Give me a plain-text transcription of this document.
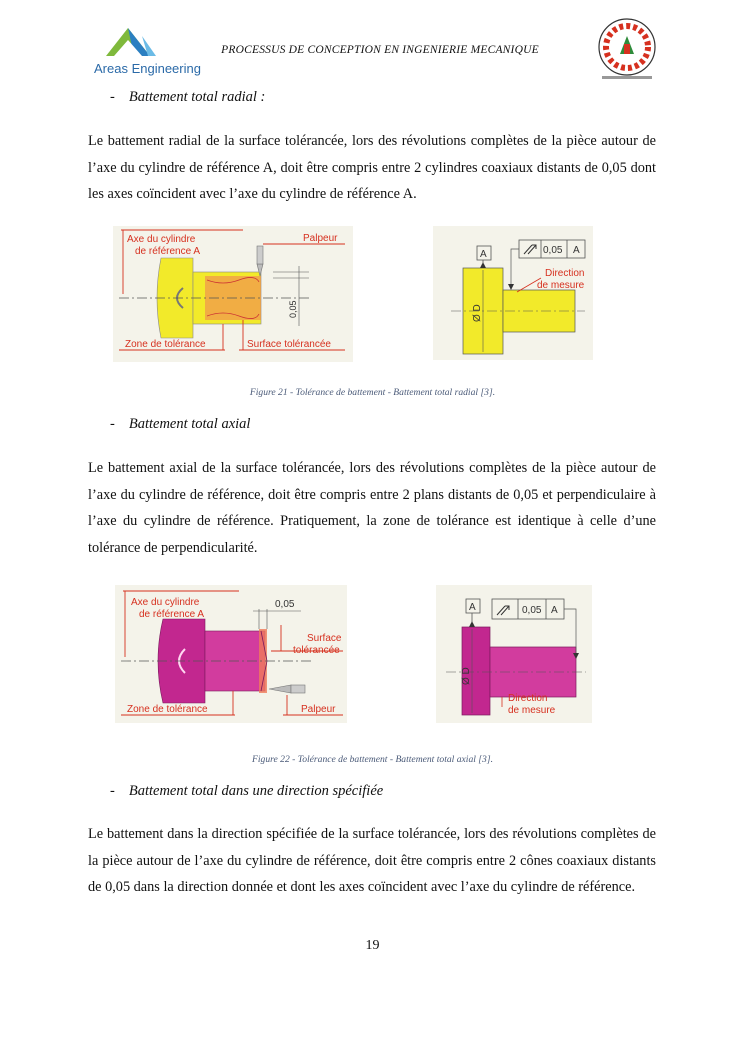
Areas Engineering
PROCESSUS DE CONCEPTION EN INGENIERIE MECANIQUE
- Battement total radial :
Le battement radial de la surface tolérancée, lors des révolutions complètes de la pièce autour de l’axe du cylindre de référence A, doit être compris entre 2 cylindres coaxiaux distants de 0,05 dont les axes coïncident avec l’axe du cylindre de référence A.
Axe du cylindre
de référence A
Palpeur
0,05
Zone de tolérance	Surface tolérancée
A	0,05 A
Ø D
Direction
de mesure
Figure 21 - Tolérance de battement - Battement total radial [3].
- Battement total axial
Le battement axial de la surface tolérancée, lors des révolutions complètes de la pièce autour de l’axe du cylindre de référence, doit être compris entre 2 plans distants de 0,05 et perpendiculaire à l’axe du cylindre de référence. Pratiquement, la zone de tolérance est identique à celle d’une tolérance de perpendicularité.
Axe du cylindre
de référence A
0,05
Surface
tolérancée
Zone de tolérance	Palpeur
A	0,05 A
Ø D
Direction
de mesure
Figure 22 - Tolérance de battement - Battement total axial [3].
- Battement total dans une direction spécifiée
Le battement dans la direction spécifiée de la surface tolérancée, lors des révolutions complètes de la pièce autour de l’axe du cylindre de référence, doit être compris entre 2 cônes coaxiaux distants de 0,05 dans la direction donnée et dont les axes coïncident avec l’axe du cylindre de référence.
19
